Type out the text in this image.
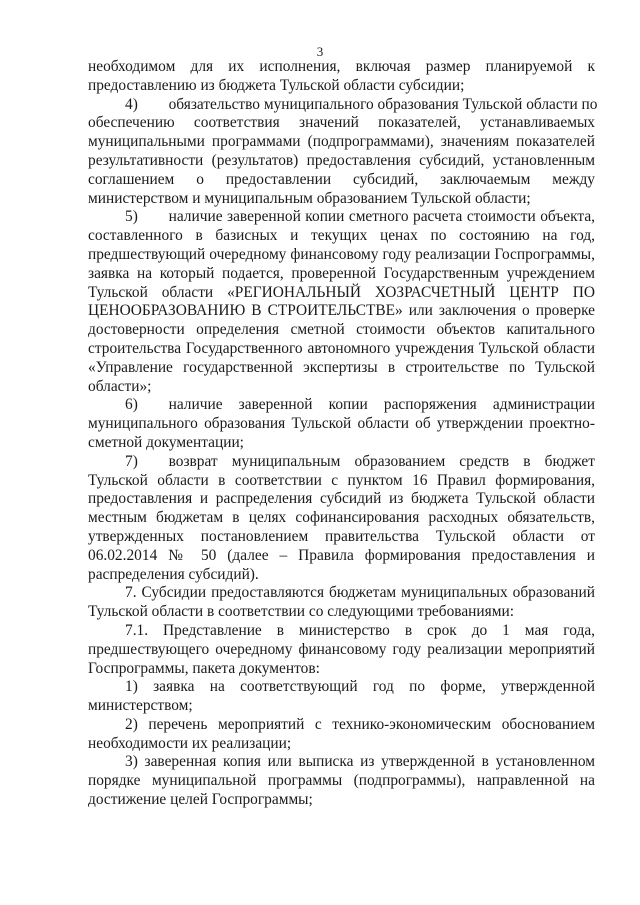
3
необходимом для их исполнения, включая размер планируемой к
предоставлению из бюджета Тульской области субсидии;
4)  обязательство муниципального образования Тульской области по
обеспечению соответствия значений показателей, устанавливаемых
муниципальными программами (подпрограммами), значениям показателей
результативности (результатов) предоставления субсидий, установленным
соглашением о предоставлении субсидий, заключаемым между
министерством и муниципальным образованием Тульской области;
5)  наличие заверенной копии сметного расчета стоимости объекта,
составленного в базисных и текущих ценах по состоянию на год,
предшествующий очередному финансовому году реализации Госпрограммы,
заявка на который подается, проверенной Государственным учреждением
Тульской области «РЕГИОНАЛЬНЫЙ ХОЗРАСЧЕТНЫЙ ЦЕНТР ПО
ЦЕНООБРАЗОВАНИЮ В СТРОИТЕЛЬСТВЕ» или заключения о проверке
достоверности определения сметной стоимости объектов капитального
строительства Государственного автономного учреждения Тульской области
«Управление государственной экспертизы в строительстве по Тульской
области»;
6)  наличие заверенной копии распоряжения администрации
муниципального образования Тульской области об утверждении проектно-
сметной документации;
7)  возврат муниципальным образованием средств в бюджет
Тульской области в соответствии с пунктом 16 Правил формирования,
предоставления и распределения субсидий из бюджета Тульской области
местным бюджетам в целях софинансирования расходных обязательств,
утвержденных постановлением правительства Тульской области от
06.02.2014 № 50 (далее – Правила формирования предоставления и
распределения субсидий).
7. Субсидии предоставляются бюджетам муниципальных образований
Тульской области в соответствии со следующими требованиями:
7.1. Представление в министерство в срок до 1 мая года,
предшествующего очередному финансовому году реализации мероприятий
Госпрограммы, пакета документов:
1) заявка на соответствующий год по форме, утвержденной
министерством;
2) перечень мероприятий с технико-экономическим обоснованием
необходимости их реализации;
3) заверенная копия или выписка из утвержденной в установленном
порядке муниципальной программы (подпрограммы), направленной на
достижение целей Госпрограммы;
